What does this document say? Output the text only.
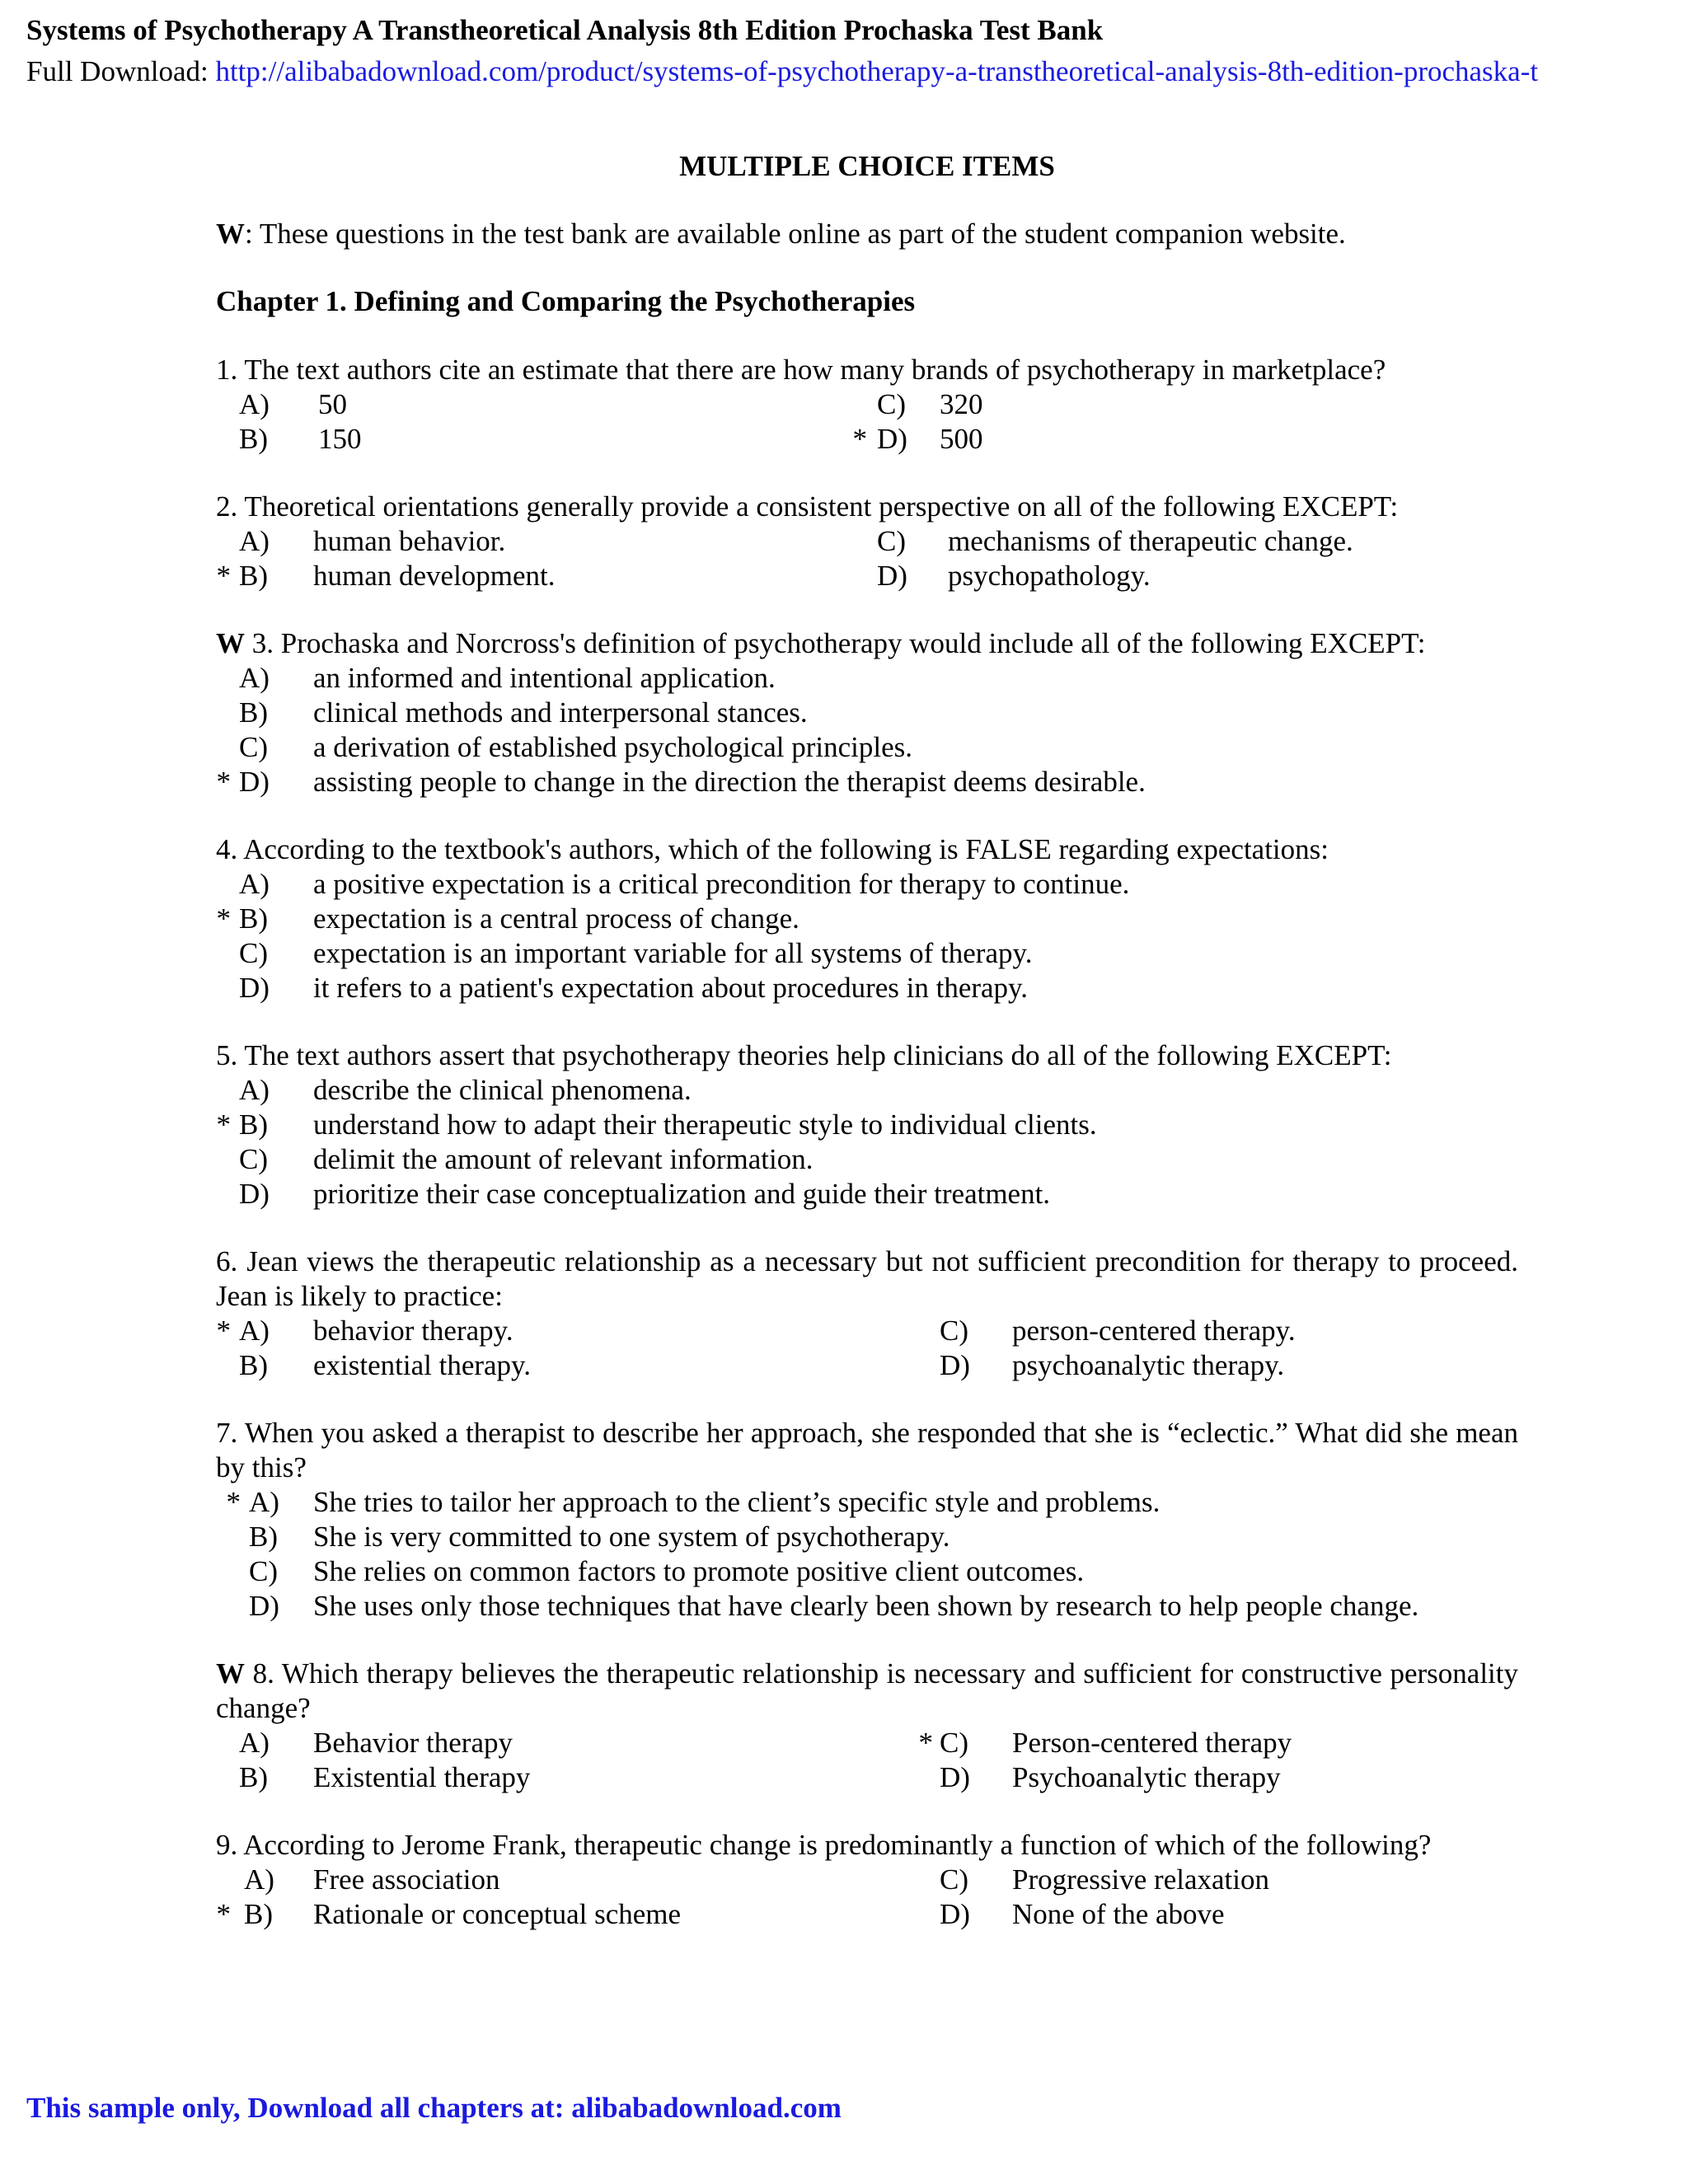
Systems of Psychotherapy A Transtheoretical Analysis 8th Edition Prochaska Test Bank
Full Download: http://alibabadownload.com/product/systems-of-psychotherapy-a-transtheoretical-analysis-8th-edition-prochaska-t
MULTIPLE CHOICE ITEMS
W: These questions in the test bank are available online as part of the student companion website.
Chapter 1. Defining and Comparing the Psychotherapies
1. The text authors cite an estimate that there are how many brands of psychotherapy in marketplace?
A) 50	C) 320
B) 150	* D) 500
2. Theoretical orientations generally provide a consistent perspective on all of the following EXCEPT:
A) human behavior.	C) mechanisms of therapeutic change.
* B) human development.	D) psychopathology.
W 3. Prochaska and Norcross's definition of psychotherapy would include all of the following EXCEPT:
A) an informed and intentional application.
B) clinical methods and interpersonal stances.
C) a derivation of established psychological principles.
* D) assisting people to change in the direction the therapist deems desirable.
4. According to the textbook's authors, which of the following is FALSE regarding expectations:
A) a positive expectation is a critical precondition for therapy to continue.
* B) expectation is a central process of change.
C) expectation is an important variable for all systems of therapy.
D) it refers to a patient's expectation about procedures in therapy.
5. The text authors assert that psychotherapy theories help clinicians do all of the following EXCEPT:
A) describe the clinical phenomena.
* B) understand how to adapt their therapeutic style to individual clients.
C) delimit the amount of relevant information.
D) prioritize their case conceptualization and guide their treatment.
6. Jean views the therapeutic relationship as a necessary but not sufficient precondition for therapy to proceed. Jean is likely to practice:
* A) behavior therapy.	C) person-centered therapy.
B) existential therapy.	D) psychoanalytic therapy.
7. When you asked a therapist to describe her approach, she responded that she is “eclectic.” What did she mean by this?
* A) She tries to tailor her approach to the client’s specific style and problems.
B) She is very committed to one system of psychotherapy.
C) She relies on common factors to promote positive client outcomes.
D) She uses only those techniques that have clearly been shown by research to help people change.
W 8. Which therapy believes the therapeutic relationship is necessary and sufficient for constructive personality change?
A) Behavior therapy	* C) Person-centered therapy
B) Existential therapy	D) Psychoanalytic therapy
9. According to Jerome Frank, therapeutic change is predominantly a function of which of the following?
A) Free association	C) Progressive relaxation
* B) Rationale or conceptual scheme	D) None of the above
This sample only, Download all chapters at: alibabadownload.com
